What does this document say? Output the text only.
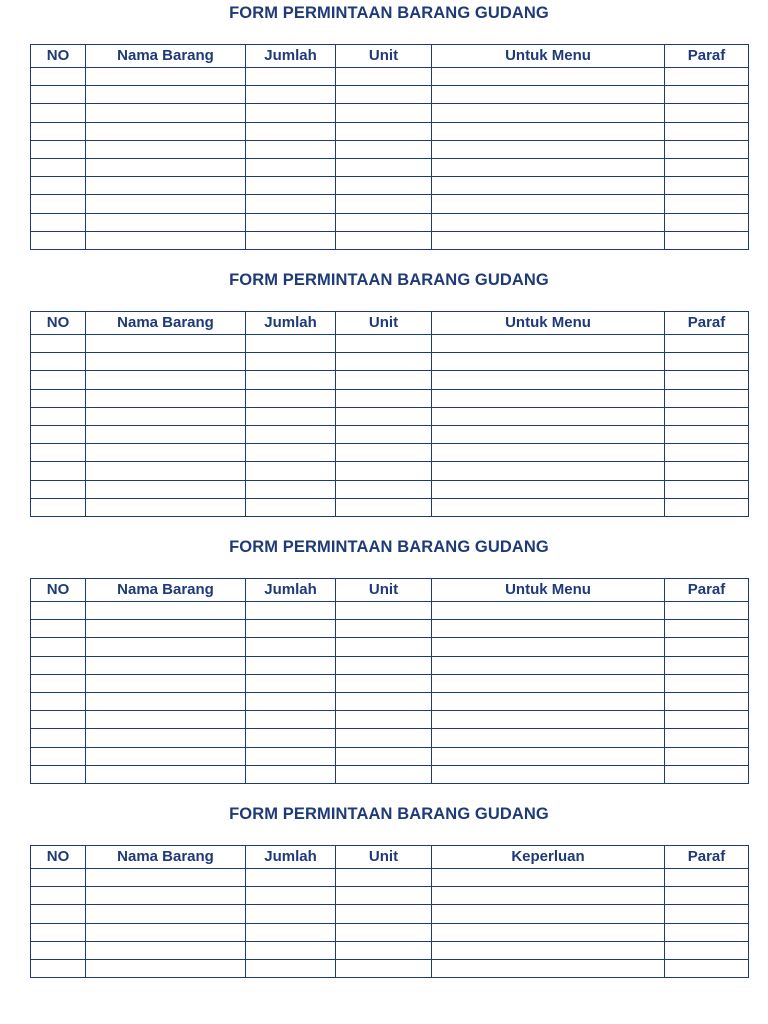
FORM PERMINTAAN BARANG GUDANG
NO	Nama Barang	Jumlah	Unit	Untuk Menu	Paraf

FORM PERMINTAAN BARANG GUDANG
NO	Nama Barang	Jumlah	Unit	Untuk Menu	Paraf

FORM PERMINTAAN BARANG GUDANG
NO	Nama Barang	Jumlah	Unit	Untuk Menu	Paraf

FORM PERMINTAAN BARANG GUDANG
NO	Nama Barang	Jumlah	Unit	Keperluan	Paraf
